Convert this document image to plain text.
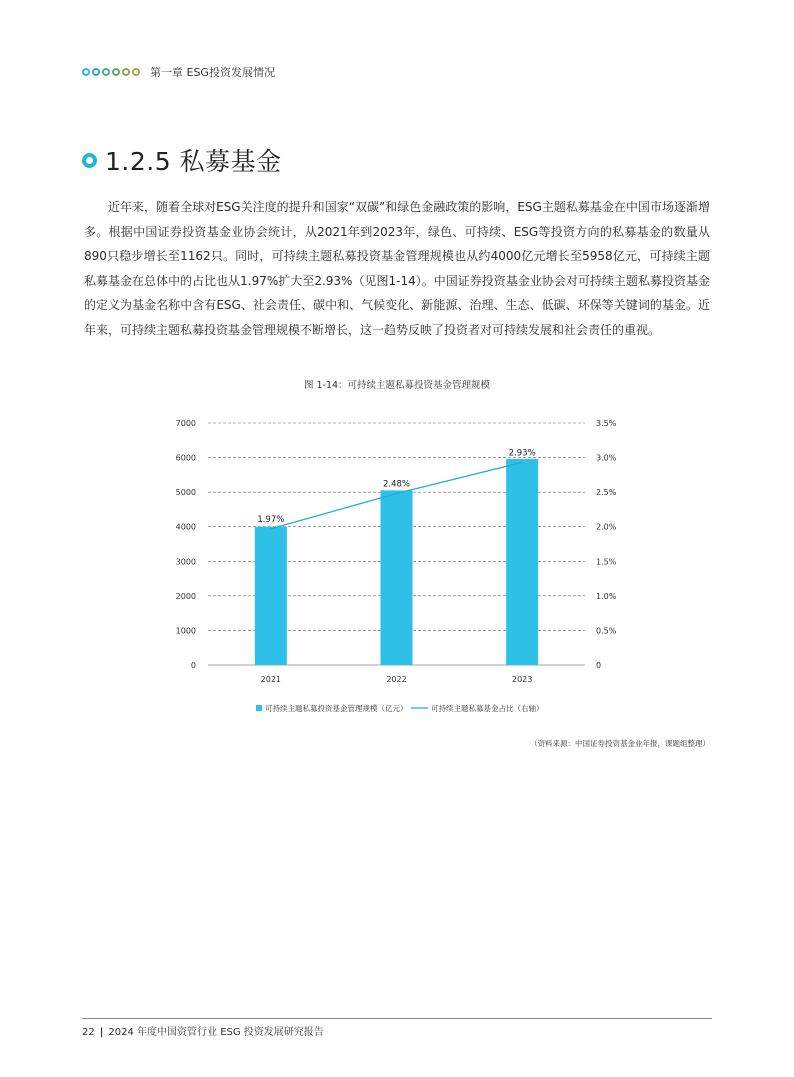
第一章 ESG投资发展情况
1.2.5 私募基金
近年来，随着全球对ESG关注度的提升和国家“双碳”和绿色金融政策的影响，ESG主题私募基金在中国市场逐渐增多。根据中国证券投资基金业协会统计，从2021年到2023年，绿色、可持续、ESG等投资方向的私募基金的数量从890只稳步增长至1162只。同时，可持续主题私募投资基金管理规模也从约4000亿元增长至5958亿元，可持续主题私募基金在总体中的占比也从1.97%扩大至2.93%（见图1-14）。中国证券投资基金业协会对可持续主题私募投资基金的定义为基金名称中含有ESG、社会责任、碳中和、气候变化、新能源、治理、生态、低碳、环保等关键词的基金。近年来，可持续主题私募投资基金管理规模不断增长，这一趋势反映了投资者对可持续发展和社会责任的重视。
图 1-14：可持续主题私募投资基金管理规模
0
1000
2000
3000
4000
5000
6000
7000
0
0.5%
1.0%
1.5%
2.0%
2.5%
3.0%
3.5%
2021	2022	2023
1.97%
2.48%
2.93%
可持续主题私募投资基金管理规模（亿元）	可持续主题私募基金占比（右轴）
（资料来源：中国证券投资基金业年报，课题组整理）
22 | 2024 年度中国资管行业 ESG 投资发展研究报告
